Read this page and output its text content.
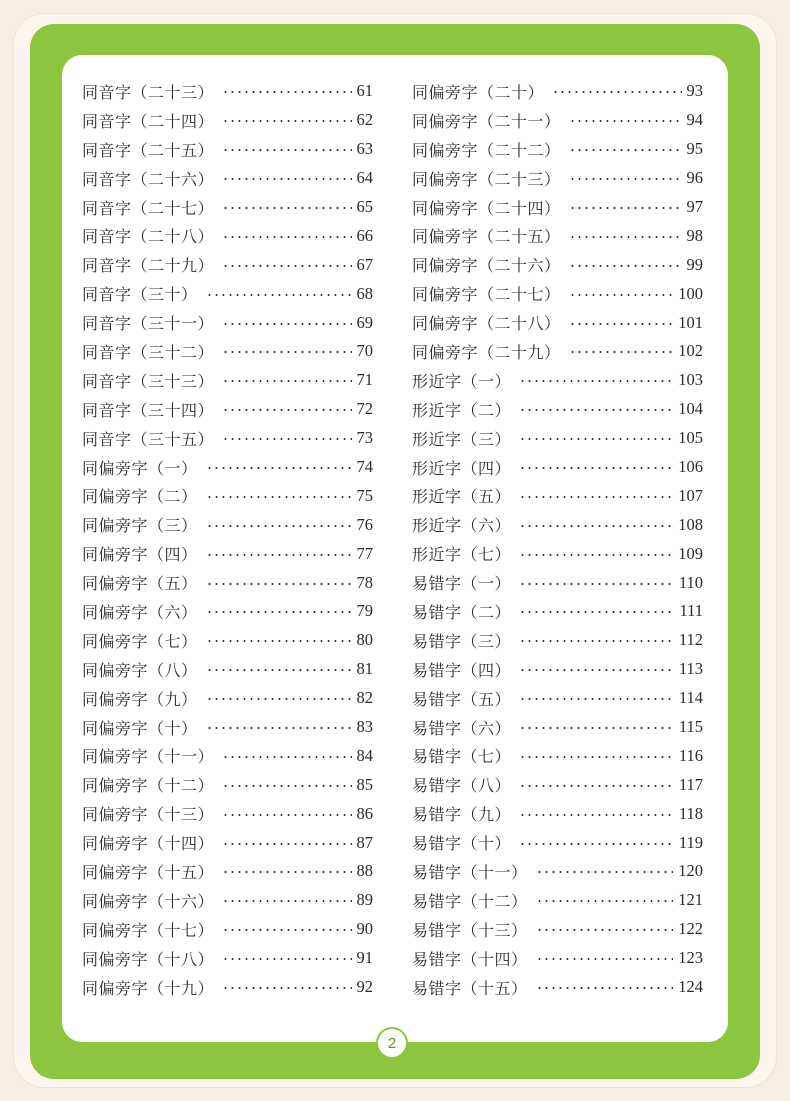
同音字（二十三）	61
同音字（二十四）	62
同音字（二十五）	63
同音字（二十六）	64
同音字（二十七）	65
同音字（二十八）	66
同音字（二十九）	67
同音字（三十）	68
同音字（三十一）	69
同音字（三十二）	70
同音字（三十三）	71
同音字（三十四）	72
同音字（三十五）	73
同偏旁字（一）	74
同偏旁字（二）	75
同偏旁字（三）	76
同偏旁字（四）	77
同偏旁字（五）	78
同偏旁字（六）	79
同偏旁字（七）	80
同偏旁字（八）	81
同偏旁字（九）	82
同偏旁字（十）	83
同偏旁字（十一）	84
同偏旁字（十二）	85
同偏旁字（十三）	86
同偏旁字（十四）	87
同偏旁字（十五）	88
同偏旁字（十六）	89
同偏旁字（十七）	90
同偏旁字（十八）	91
同偏旁字（十九）	92
同偏旁字（二十）	93
同偏旁字（二十一）	94
同偏旁字（二十二）	95
同偏旁字（二十三）	96
同偏旁字（二十四）	97
同偏旁字（二十五）	98
同偏旁字（二十六）	99
同偏旁字（二十七）	100
同偏旁字（二十八）	101
同偏旁字（二十九）	102
形近字（一）	103
形近字（二）	104
形近字（三）	105
形近字（四）	106
形近字（五）	107
形近字（六）	108
形近字（七）	109
易错字（一）	110
易错字（二）	111
易错字（三）	112
易错字（四）	113
易错字（五）	114
易错字（六）	115
易错字（七）	116
易错字（八）	117
易错字（九）	118
易错字（十）	119
易错字（十一）	120
易错字（十二）	121
易错字（十三）	122
易错字（十四）	123
易错字（十五）	124
2
